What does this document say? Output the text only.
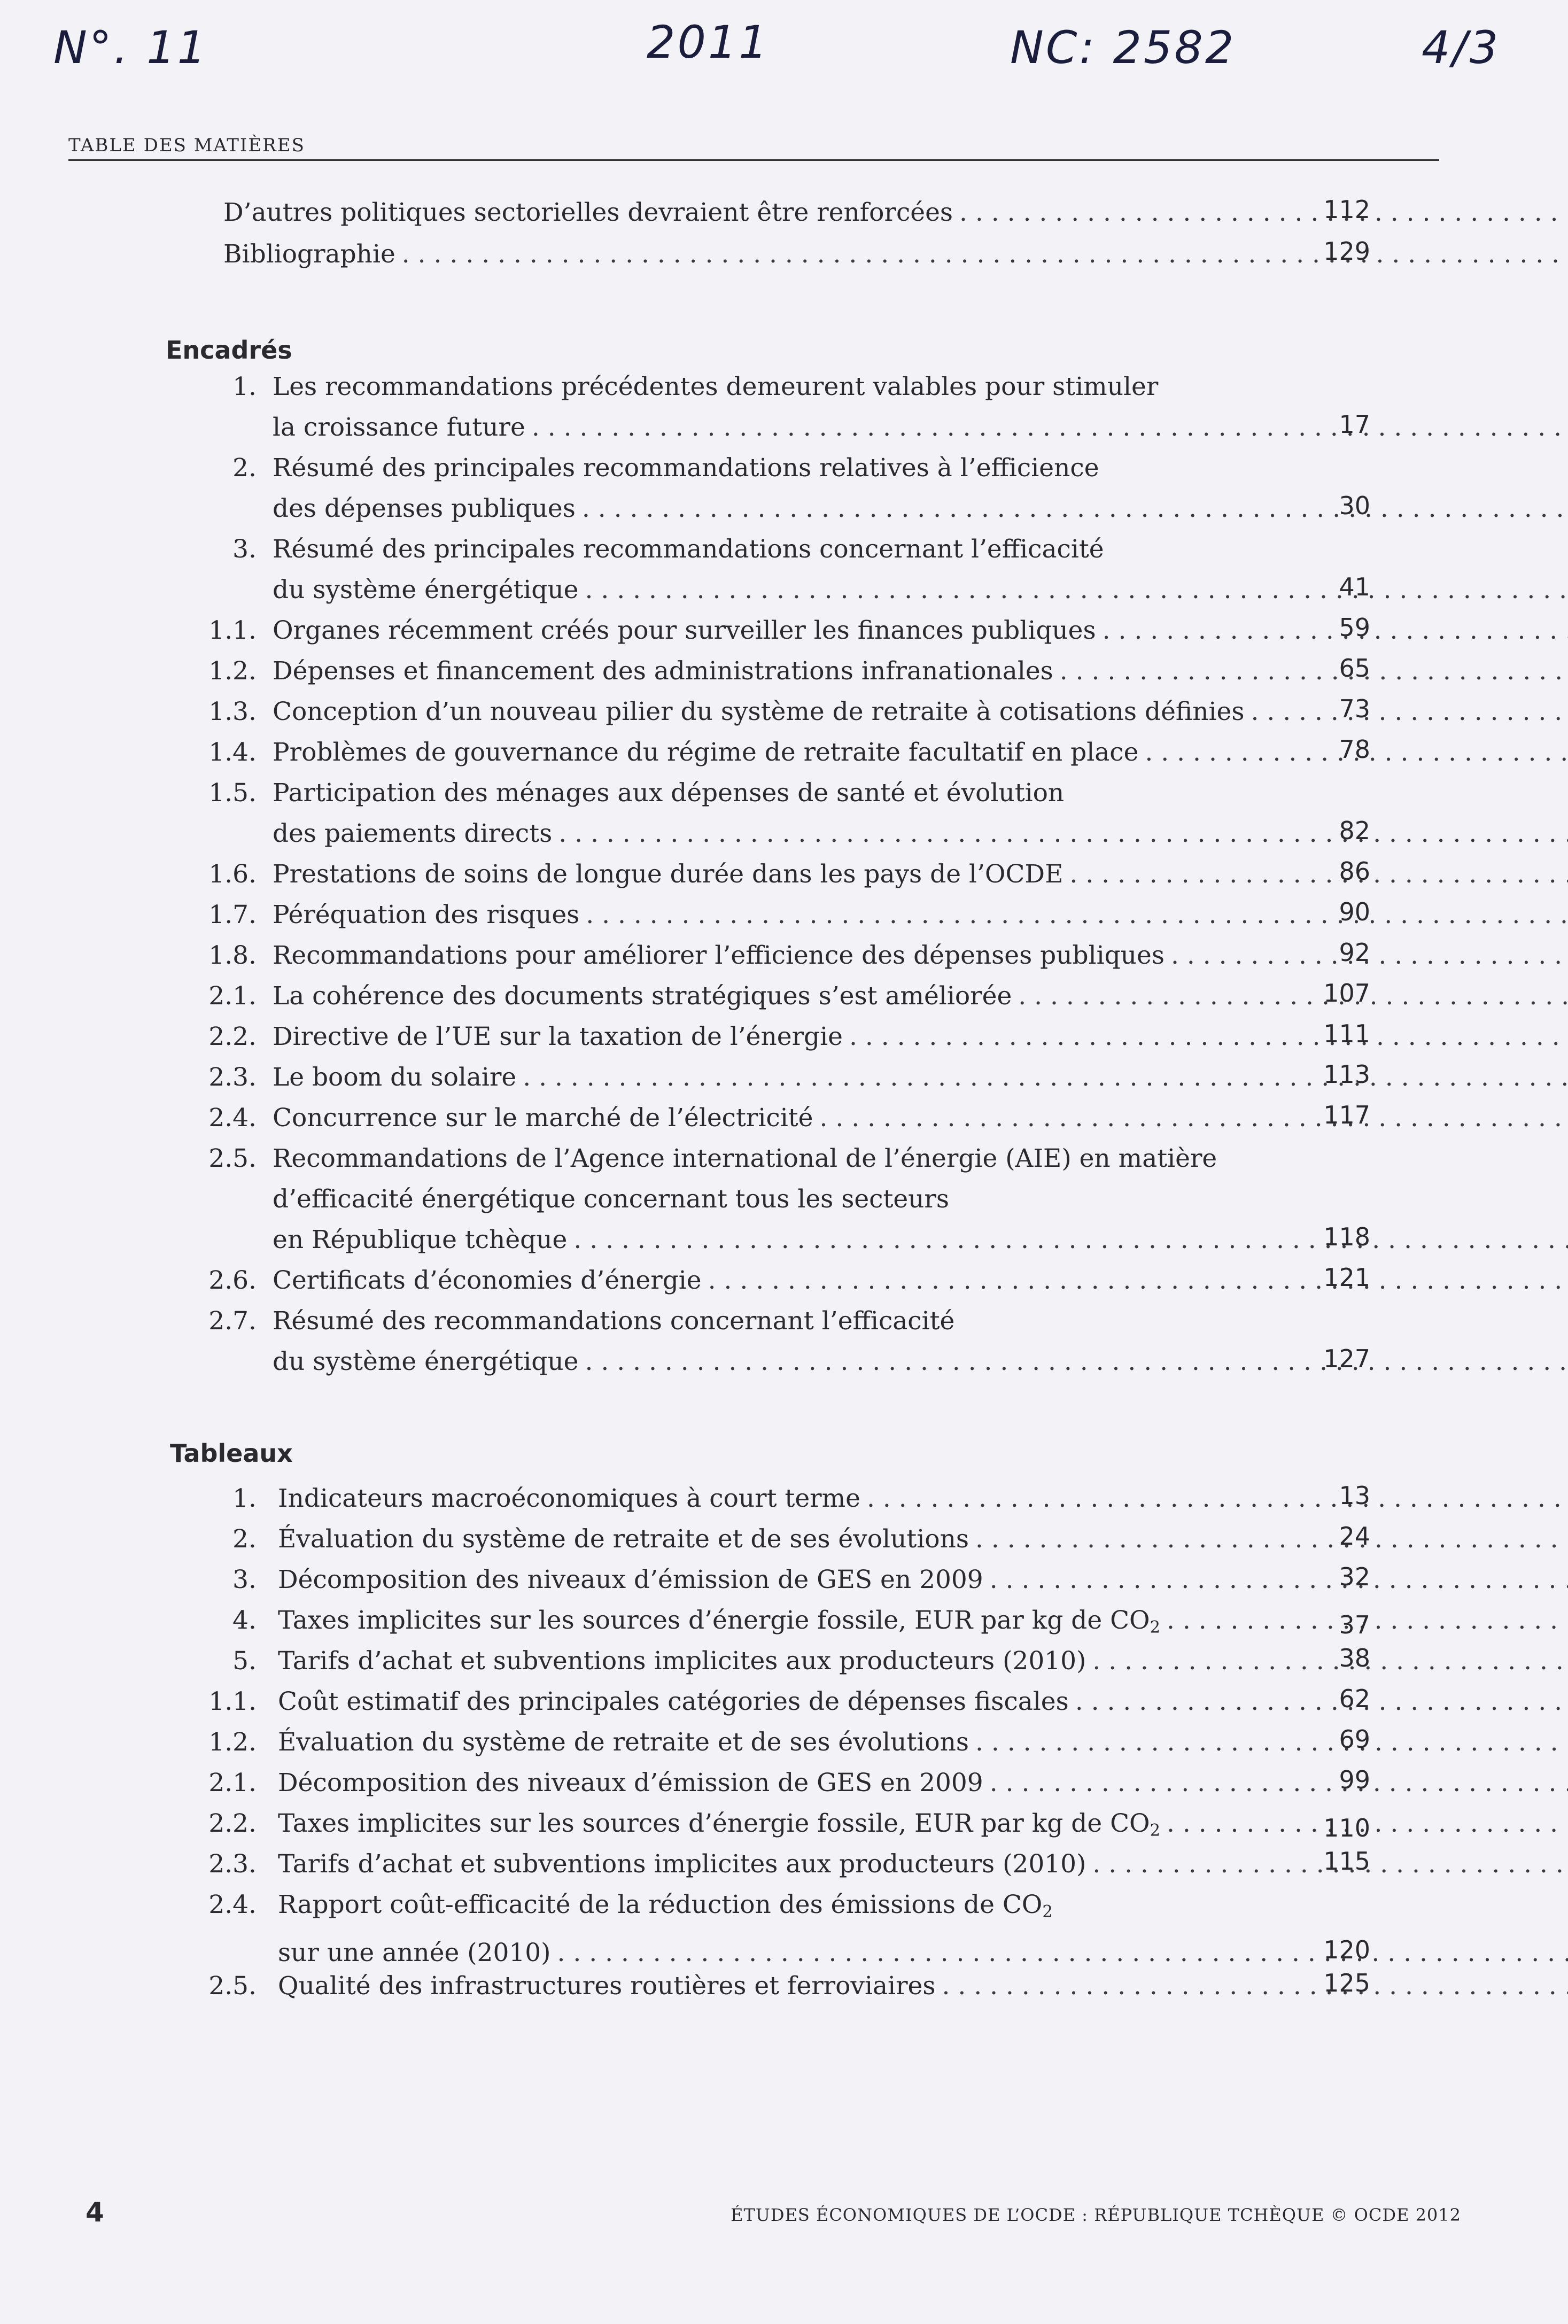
N°. 11	2011	NC: 2582	4/3
TABLE DES MATIÈRES
D’autres politiques sectorielles devraient être renforcées . . .	112
Bibliographie . . .	129
Encadrés
1. Les recommandations précédentes demeurent valables pour stimuler
la croissance future . . .	17
2. Résumé des principales recommandations relatives à l’efficience
des dépenses publiques . . .	30
3. Résumé des principales recommandations concernant l’efficacité
du système énergétique . . .	41
1.1. Organes récemment créés pour surveiller les finances publiques . . .	59
1.2. Dépenses et financement des administrations infranationales . . .	65
1.3. Conception d’un nouveau pilier du système de retraite à cotisations définies . . .	73
1.4. Problèmes de gouvernance du régime de retraite facultatif en place . . .	78
1.5. Participation des ménages aux dépenses de santé et évolution
des paiements directs . . .	82
1.6. Prestations de soins de longue durée dans les pays de l’OCDE . . .	86
1.7. Péréquation des risques . . .	90
1.8. Recommandations pour améliorer l’efficience des dépenses publiques . . .	92
2.1. La cohérence des documents stratégiques s’est améliorée . . .	107
2.2. Directive de l’UE sur la taxation de l’énergie . . .	111
2.3. Le boom du solaire . . .	113
2.4. Concurrence sur le marché de l’électricité . . .	117
2.5. Recommandations de l’Agence international de l’énergie (AIE) en matière
d’efficacité énergétique concernant tous les secteurs
en République tchèque . . .	118
2.6. Certificats d’économies d’énergie . . .	121
2.7. Résumé des recommandations concernant l’efficacité
du système énergétique . . .	127
Tableaux
1. Indicateurs macroéconomiques à court terme . . .	13
2. Évaluation du système de retraite et de ses évolutions . . .	24
3. Décomposition des niveaux d’émission de GES en 2009 . . .	32
4. Taxes implicites sur les sources d’énergie fossile, EUR par kg de $CO_2$ . . .	37
5. Tarifs d’achat et subventions implicites aux producteurs (2010) . . .	38
1.1. Coût estimatif des principales catégories de dépenses fiscales . . .	62
1.2. Évaluation du système de retraite et de ses évolutions . . .	69
2.1. Décomposition des niveaux d’émission de GES en 2009 . . .	99
2.2. Taxes implicites sur les sources d’énergie fossile, EUR par kg de $CO_2$ . . .	110
2.3. Tarifs d’achat et subventions implicites aux producteurs (2010) . . .	115
2.4. Rapport coût-efficacité de la réduction des émissions de $CO_2$
sur une année (2010) . . .	120
2.5. Qualité des infrastructures routières et ferroviaires . . .	125
4	ÉTUDES ÉCONOMIQUES DE L’OCDE : RÉPUBLIQUE TCHÈQUE © OCDE 2012
